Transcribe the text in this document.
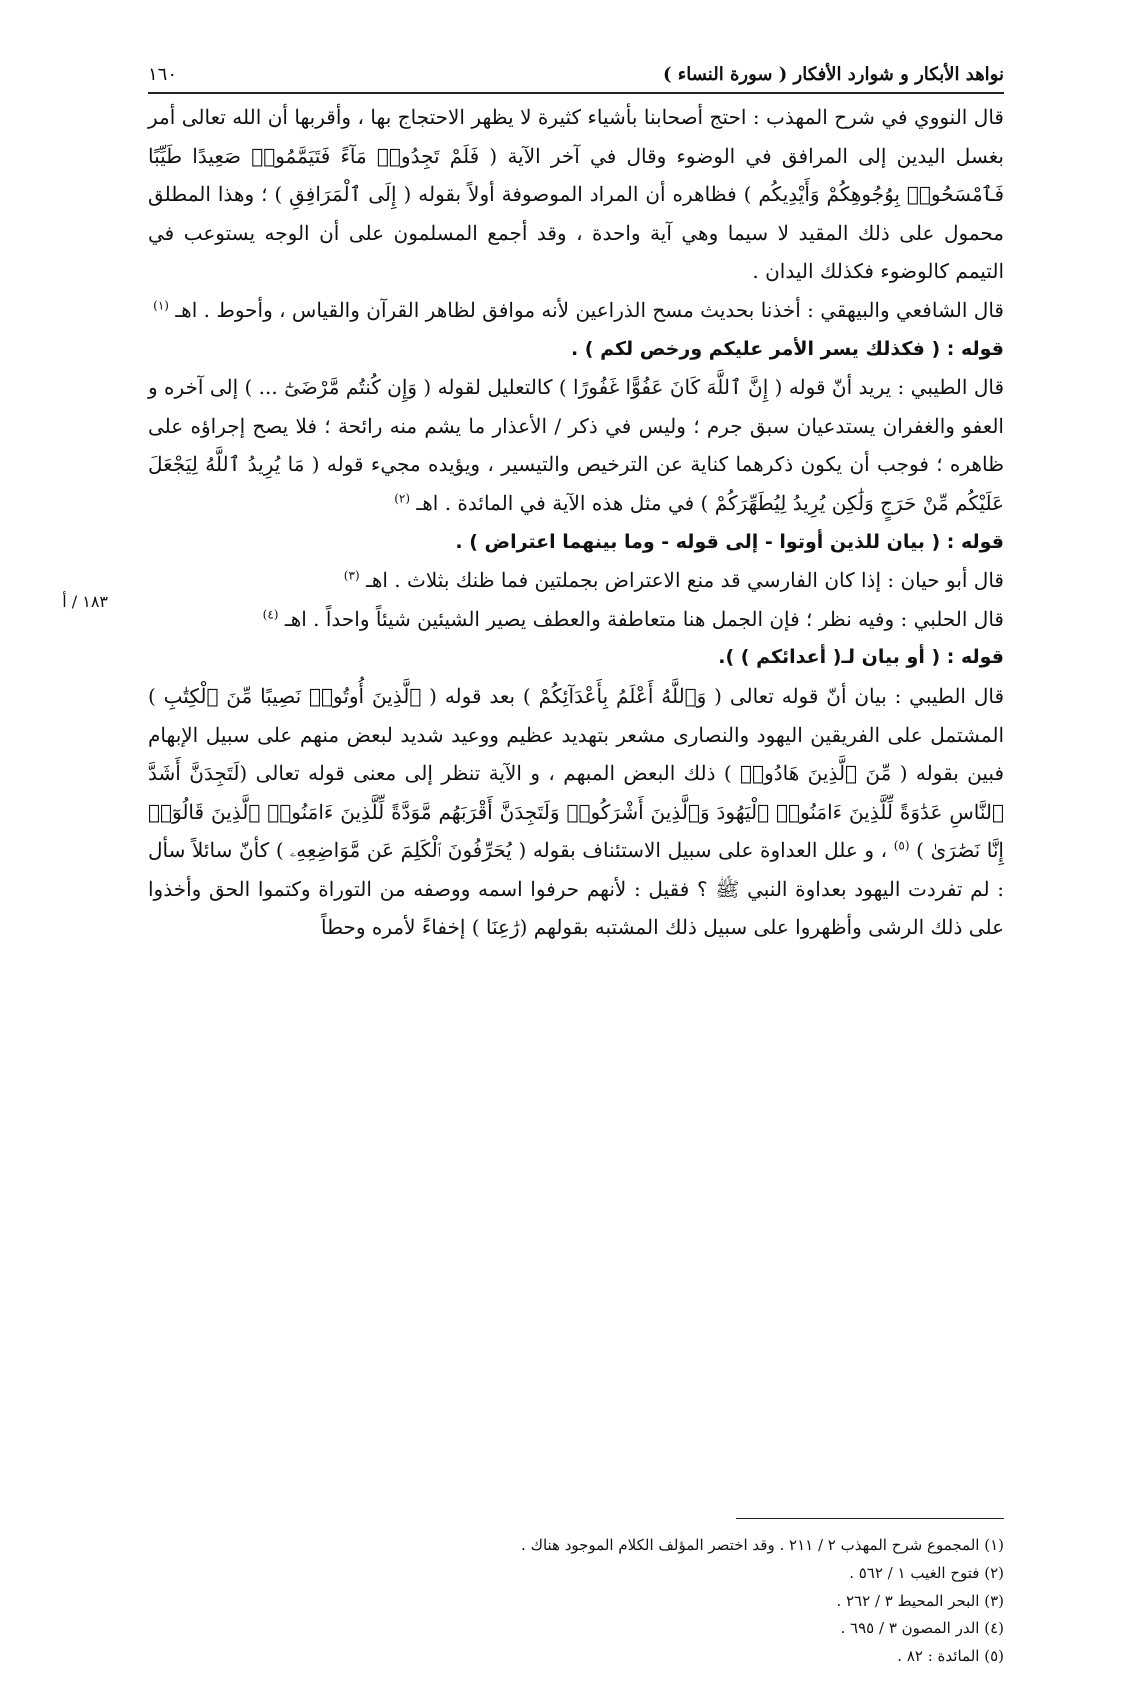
نواهد الأبكار و شوارد الأفكار ( سورة النساء )
١٦٠
١٨٣ / أ

قال النووي في شرح المهذب : احتج أصحابنا بأشياء كثيرة لا يظهر الاحتجاج بها ، وأقربها أن الله تعالى أمر بغسل اليدين إلى المرافق في الوضوء وقال في آخر الآية ( فَلَمْ تَجِدُوا۟ مَآءً فَتَيَمَّمُوا۟ صَعِيدًا طَيِّبًا فَٱمْسَحُوا۟ بِوُجُوهِكُمْ وَأَيْدِيكُم ) فظاهره أن المراد الموصوفة أولاً بقوله ( إِلَى ٱلْمَرَافِقِ ) ؛ وهذا المطلق محمول على ذلك المقيد لا سيما وهي آية واحدة ، وقد أجمع المسلمون على أن الوجه يستوعب في التيمم كالوضوء فكذلك اليدان .

قال الشافعي والبيهقي : أخذنا بحديث مسح الذراعين لأنه موافق لظاهر القرآن والقياس ، وأحوط . اهـ $^{(١)}$

قوله : ( فكذلك يسر الأمر عليكم ورخص لكم ) .

قال الطيبي : يريد أنّ قوله ( إِنَّ ٱللَّهَ كَانَ عَفُوًّا غَفُورًا ) كالتعليل لقوله ( وَإِن كُنتُم مَّرْضَىٰٓ ... ) إلى آخره و العفو والغفران يستدعيان سبق جرم ؛ وليس في ذكر / الأعذار ما يشم منه رائحة ؛ فلا يصح إجراؤه على ظاهره ؛ فوجب أن يكون ذكرهما كناية عن الترخيص والتيسير ، ويؤيده مجيء قوله ( مَا يُرِيدُ ٱللَّهُ لِيَجْعَلَ عَلَيْكُم مِّنْ حَرَجٍ وَلَٰكِن يُرِيدُ لِيُطَهِّرَكُمْ ) في مثل هذه الآية في المائدة . اهـ $^{(٢)}$

قوله : ( بيان للذين أوتوا - إلى قوله - وما بينهما اعتراض ) .

قال أبو حيان : إذا كان الفارسي قد منع الاعتراض بجملتين فما ظنك بثلاث . اهـ $^{(٣)}$

قال الحلبي : وفيه نظر ؛ فإن الجمل هنا متعاطفة والعطف يصير الشيئين شيئاً واحداً . اهـ $^{(٤)}$

قوله : ( أو بيان لـ( أعدائكم ) ).

قال الطيبي : بيان أنّ قوله تعالى ( وَٱللَّهُ أَعْلَمُ بِأَعْدَآئِكُمْ ) بعد قوله ( ٱلَّذِينَ أُوتُوا۟ نَصِيبًا مِّنَ ٱلْكِتَٰبِ ) المشتمل على الفريقين اليهود والنصارى مشعر بتهديد عظيم ووعيد شديد لبعض منهم على سبيل الإبهام فبين بقوله ( مِّنَ ٱلَّذِينَ هَادُوا۟ ) ذلك البعض المبهم ، و الآية تنظر إلى معنى قوله تعالى (لَتَجِدَنَّ أَشَدَّ ٱلنَّاسِ عَدَٰوَةً لِّلَّذِينَ ءَامَنُوا۟ ٱلْيَهُودَ وَٱلَّذِينَ أَشْرَكُوا۟ وَلَتَجِدَنَّ أَقْرَبَهُم مَّوَدَّةً لِّلَّذِينَ ءَامَنُوا۟ ٱلَّذِينَ قَالُوٓا۟ إِنَّا نَصَٰرَىٰ ) $^{(٥)}$ ، و علل العداوة على سبيل الاستئناف بقوله ( يُحَرِّفُونَ ٱلْكَلِمَ عَن مَّوَاضِعِهِۦ ) كأنّ سائلاً سأل : لم تفردت اليهود بعداوة النبي ﷺ ؟ فقيل : لأنهم حرفوا اسمه ووصفه من التوراة وكتموا الحق وأخذوا على ذلك الرشى وأظهروا على سبيل ذلك المشتبه بقولهم (رَٰعِنَا ) إخفاءً لأمره وحطاً

(١) المجموع شرح المهذب ٢ / ٢١١ . وقد اختصر المؤلف الكلام الموجود هناك .

(٢) فتوح الغيب ١ / ٥٦٢ .

(٣) البحر المحيط ٣ / ٢٦٢ .

(٤) الدر المصون ٣ / ٦٩٥ .

(٥) المائدة : ٨٢ .
